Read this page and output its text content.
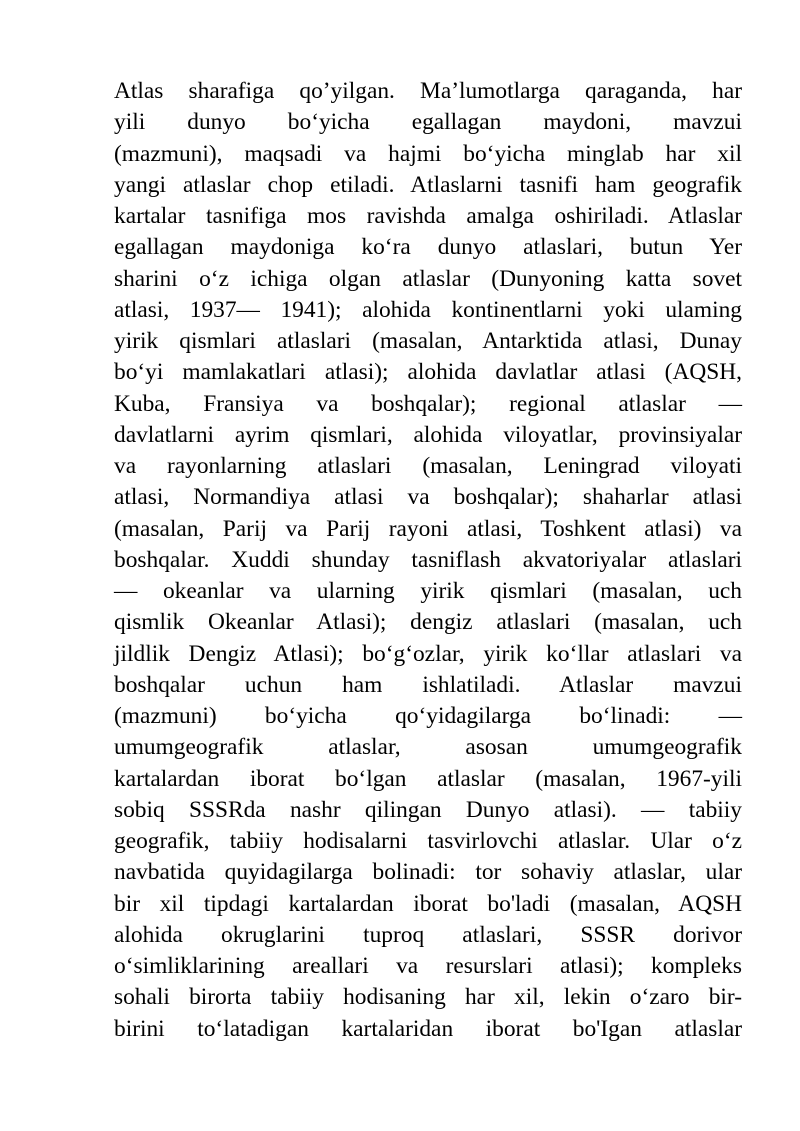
Atlas sharafiga qo’yilgan. Ma’lumotlarga qaraganda, har
yili dunyo bo‘yicha egallagan maydoni, mavzui
(mazmuni), maqsadi va hajmi bo‘yicha minglab har xil
yangi atlaslar chop etiladi. Atlaslarni tasnifi ham geografik
kartalar tasnifiga mos ravishda amalga oshiriladi. Atlaslar
egallagan maydoniga ko‘ra dunyo atlaslari, butun Yer
sharini o‘z ichiga olgan atlaslar (Dunyoning katta sovet
atlasi, 1937— 1941); alohida kontinentlarni yoki ulaming
yirik qismlari atlaslari (masalan, Antarktida atlasi, Dunay
bo‘yi mamlakatlari atlasi); alohida davlatlar atlasi (AQSH,
Kuba, Fransiya va boshqalar); regional atlaslar —
davlatlarni ayrim qismlari, alohida viloyatlar, provinsiyalar
va rayonlarning atlaslari (masalan, Leningrad viloyati
atlasi, Normandiya atlasi va boshqalar); shaharlar atlasi
(masalan, Parij va Parij rayoni atlasi, Toshkent atlasi) va
boshqalar. Xuddi shunday tasniflash akvatoriyalar atlaslari
— okeanlar va ularning yirik qismlari (masalan, uch
qismlik Okeanlar Atlasi); dengiz atlaslari (masalan, uch
jildlik Dengiz Atlasi); bo‘g‘ozlar, yirik ko‘llar atlaslari va
boshqalar uchun ham ishlatiladi. Atlaslar mavzui
(mazmuni) bo‘yicha qo‘yidagilarga bo‘linadi: —
umumgeografik atlaslar, asosan umumgeografik
kartalardan iborat bo‘lgan atlaslar (masalan, 1967-yili
sobiq SSSRda nashr qilingan Dunyo atlasi). — tabiiy
geografik, tabiiy hodisalarni tasvirlovchi atlaslar. Ular o‘z
navbatida quyidagilarga bolinadi: tor sohaviy atlaslar, ular
bir xil tipdagi kartalardan iborat bo'ladi (masalan, AQSH
alohida okruglarini tuproq atlaslari, SSSR dorivor
o‘simliklarining areallari va resurslari atlasi); kompleks
sohali birorta tabiiy hodisaning har xil, lekin o‘zaro bir-
birini to‘latadigan kartalaridan iborat bo'Igan atlaslar
